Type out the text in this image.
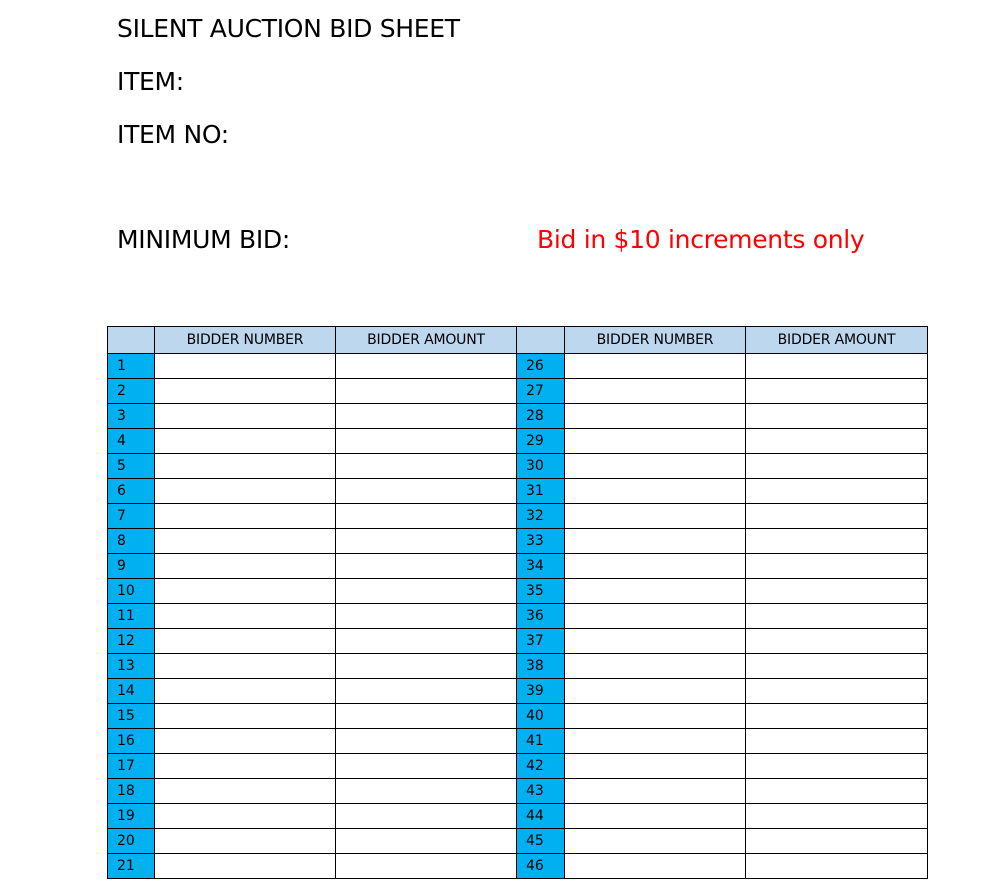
SILENT AUCTION BID SHEET
ITEM:
ITEM NO:
MINIMUM BID:	Bid in $10 increments only
	BIDDER NUMBER	BIDDER AMOUNT		BIDDER NUMBER	BIDDER AMOUNT
1			26		
2			27		
3			28		
4			29		
5			30		
6			31		
7			32		
8			33		
9			34		
10			35		
11			36		
12			37		
13			38		
14			39		
15			40		
16			41		
17			42		
18			43		
19			44		
20			45		
21			46		
